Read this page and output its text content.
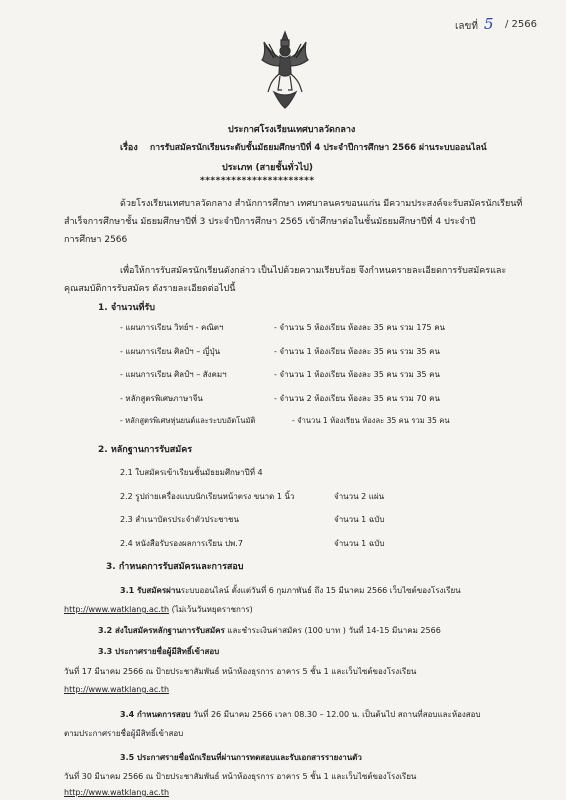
เลขที่ 5 / 2566
ประกาศโรงเรียนเทศบาลวัดกลาง
เรื่อง การรับสมัครนักเรียนระดับชั้นมัธยมศึกษาปีที่ 4 ประจำปีการศึกษา 2566 ผ่านระบบออนไลน์
ประเภท (สายชั้นทั่วไป)
**********************
ด้วยโรงเรียนเทศบาลวัดกลาง สำนักการศึกษา เทศบาลนครขอนแก่น มีความประสงค์จะรับสมัครนักเรียนที่
สำเร็จการศึกษาชั้น มัธยมศึกษาปีที่ 3 ประจำปีการศึกษา 2565 เข้าศึกษาต่อในชั้นมัธยมศึกษาปีที่ 4 ประจำปี
การศึกษา 2566
เพื่อให้การรับสมัครนักเรียนดังกล่าว เป็นไปด้วยความเรียบร้อย จึงกำหนดรายละเอียดการรับสมัครและ
คุณสมบัติการรับสมัคร ดังรายละเอียดต่อไปนี้
1. จำนวนที่รับ
- แผนการเรียน วิทย์ฯ - คณิตฯ	- จำนวน 5 ห้องเรียน ห้องละ 35 คน รวม 175 คน
- แผนการเรียน ศิลป์ฯ – ญี่ปุ่น	- จำนวน 1 ห้องเรียน ห้องละ 35 คน รวม 35 คน
- แผนการเรียน ศิลป์ฯ – สังคมฯ	- จำนวน 1 ห้องเรียน ห้องละ 35 คน รวม 35 คน
- หลักสูตรพิเศษภาษาจีน	- จำนวน 2 ห้องเรียน ห้องละ 35 คน รวม 70 คน
- หลักสูตรพิเศษหุ่นยนต์และระบบอัตโนมัติ	- จำนวน 1 ห้องเรียน ห้องละ 35 คน รวม 35 คน
2. หลักฐานการรับสมัคร
2.1 ใบสมัครเข้าเรียนชั้นมัธยมศึกษาปีที่ 4
2.2 รูปถ่ายเครื่องแบบนักเรียนหน้าตรง ขนาด 1 นิ้ว	จำนวน 2 แผ่น
2.3 สำเนาบัตรประจำตัวประชาชน	จำนวน 1 ฉบับ
2.4 หนังสือรับรองผลการเรียน ปพ.7	จำนวน 1 ฉบับ
3. กำหนดการรับสมัครและการสอบ
3.1 รับสมัครผ่านระบบออนไลน์ ตั้งแต่วันที่ 6 กุมภาพันธ์ ถึง 15 มีนาคม 2566 เว็บไซต์ของโรงเรียน
http://www.watklang.ac.th (ไม่เว้นวันหยุดราชการ)
3.2 ส่งใบสมัครหลักฐานการรับสมัคร และชำระเงินค่าสมัคร (100 บาท ) วันที่ 14-15 มีนาคม 2566
3.3 ประกาศรายชื่อผู้มีสิทธิ์เข้าสอบ
วันที่ 17 มีนาคม 2566 ณ ป้ายประชาสัมพันธ์ หน้าห้องธุรการ อาคาร 5 ชั้น 1 และเว็บไซต์ของโรงเรียน
http://www.watklang.ac.th
3.4 กำหนดการสอบ วันที่ 26 มีนาคม 2566 เวลา 08.30 – 12.00 น. เป็นต้นไป สถานที่สอบและห้องสอบ
ตามประกาศรายชื่อผู้มีสิทธิ์เข้าสอบ
3.5 ประกาศรายชื่อนักเรียนที่ผ่านการทดสอบและรับเอกสารรายงานตัว
วันที่ 30 มีนาคม 2566 ณ ป้ายประชาสัมพันธ์ หน้าห้องธุรการ อาคาร 5 ชั้น 1 และเว็บไซต์ของโรงเรียน
http://www.watklang.ac.th
